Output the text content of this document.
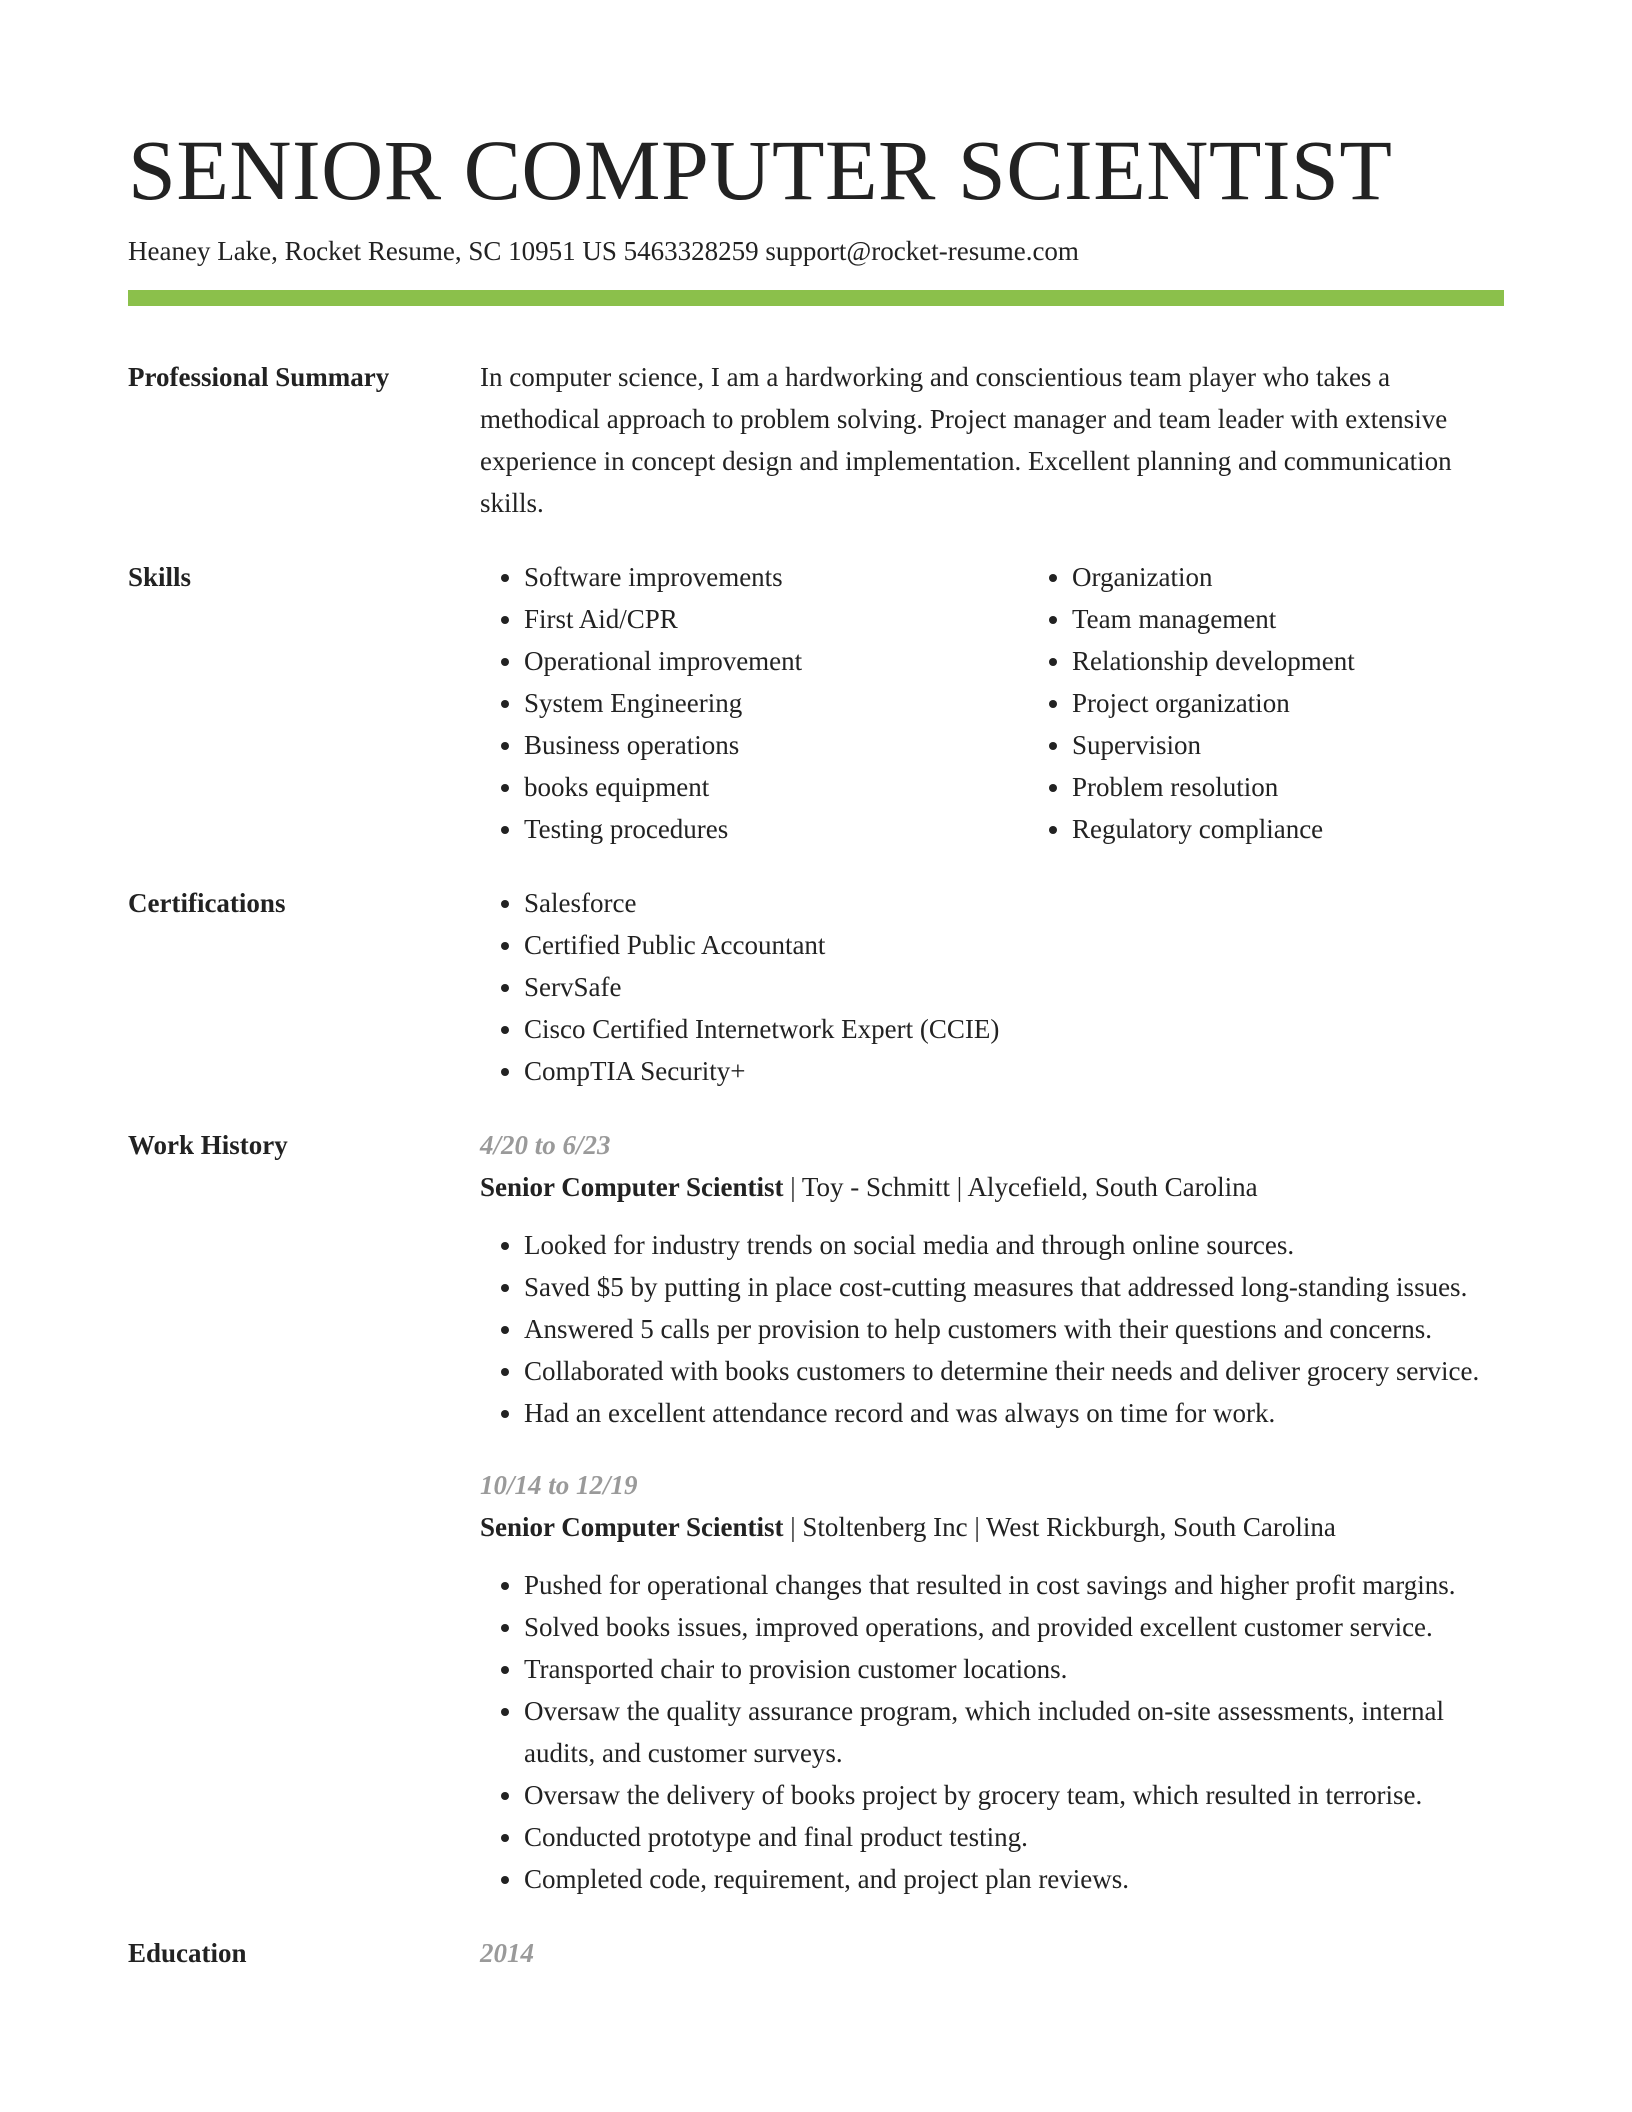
SENIOR COMPUTER SCIENTIST
Heaney Lake, Rocket Resume, SC 10951 US 5463328259 support@rocket-resume.com
Professional Summary	In computer science, I am a hardworking and conscientious team player who takes a methodical approach to problem solving. Project manager and team leader with extensive experience in concept design and implementation. Excellent planning and communication skills.

Skills	• Software improvements
• First Aid/CPR
• Operational improvement
• System Engineering
• Business operations
• books equipment
• Testing procedures
• Organization
• Team management
• Relationship development
• Project organization
• Supervision
• Problem resolution
• Regulatory compliance
Certifications	• Salesforce
• Certified Public Accountant
• ServSafe
• Cisco Certified Internetwork Expert (CCIE)
• CompTIA Security+
Work History	4/20 to 6/23
Senior Computer Scientist | Toy - Schmitt | Alycefield, South Carolina
• Looked for industry trends on social media and through online sources.
• Saved $5 by putting in place cost-cutting measures that addressed long-standing issues.
• Answered 5 calls per provision to help customers with their questions and concerns.
• Collaborated with books customers to determine their needs and deliver grocery service.
• Had an excellent attendance record and was always on time for work.
10/14 to 12/19
Senior Computer Scientist | Stoltenberg Inc | West Rickburgh, South Carolina
• Pushed for operational changes that resulted in cost savings and higher profit margins.
• Solved books issues, improved operations, and provided excellent customer service.
• Transported chair to provision customer locations.
• Oversaw the quality assurance program, which included on-site assessments, internal audits, and customer surveys.
• Oversaw the delivery of books project by grocery team, which resulted in terrorise.
• Conducted prototype and final product testing.
• Completed code, requirement, and project plan reviews.
Education	2014
